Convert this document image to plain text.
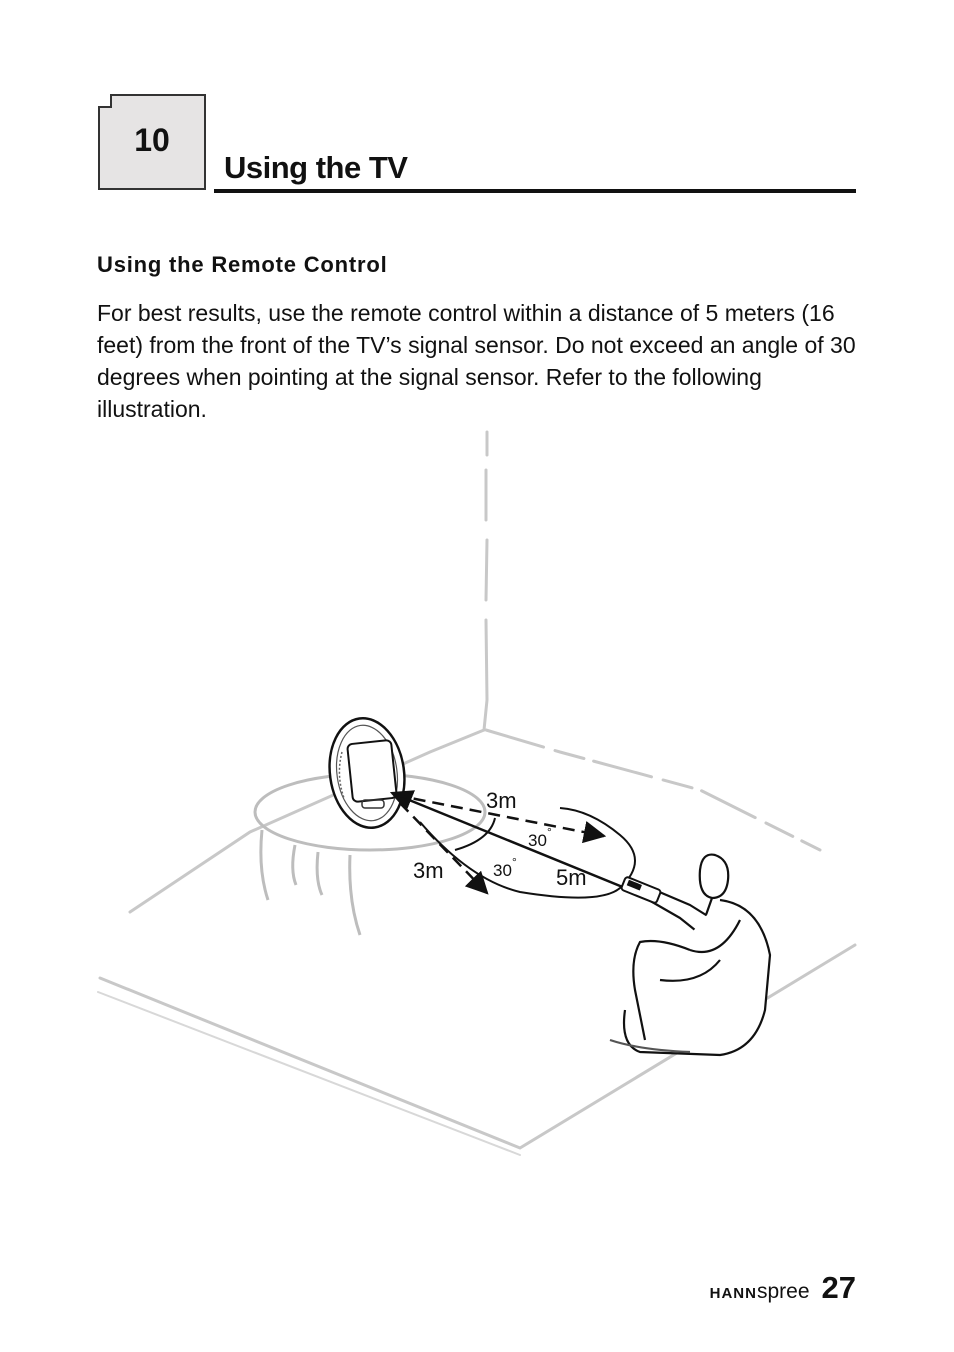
10
Using the TV
Using the Remote Control
For best results, use the remote control within a distance of 5 meters (16 feet) from the front of the TV’s signal sensor. Do not exceed an angle of 30 degrees when pointing at the signal sensor. Refer to the following illustration.
3m
3m	5m
30 °
30 °
HANN spree 27
